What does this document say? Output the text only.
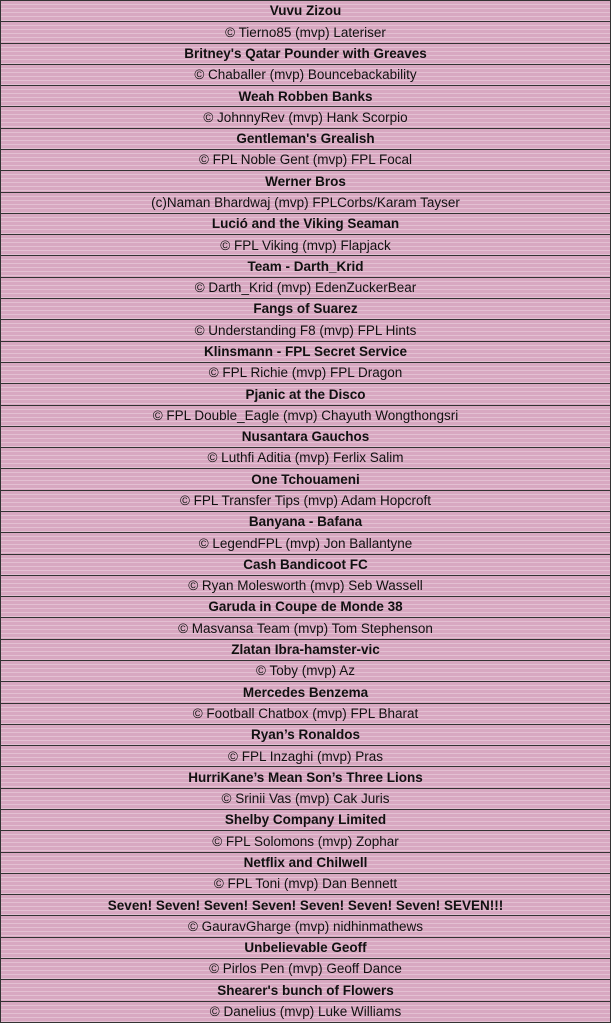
Vuvu Zizou
© Tierno85 (mvp) Lateriser
Britney's Qatar Pounder with Greaves
© Chaballer (mvp) Bouncebackability
Weah Robben Banks
© JohnnyRev (mvp) Hank Scorpio
Gentleman's Grealish
© FPL Noble Gent (mvp) FPL Focal
Werner Bros
(c)Naman Bhardwaj (mvp) FPLCorbs/Karam Tayser
Lució and the Viking Seaman
© FPL Viking (mvp) Flapjack
Team - Darth_Krid
© Darth_Krid (mvp) EdenZuckerBear
Fangs of Suarez
© Understanding F8 (mvp) FPL Hints
Klinsmann - FPL Secret Service
© FPL Richie (mvp) FPL Dragon
Pjanic at the Disco
© FPL Double_Eagle (mvp) Chayuth Wongthongsri
Nusantara Gauchos
© Luthfi Aditia (mvp) Ferlix Salim
One Tchouameni
© FPL Transfer Tips (mvp) Adam Hopcroft
Banyana - Bafana
© LegendFPL (mvp) Jon Ballantyne
Cash Bandicoot FC
© Ryan Molesworth (mvp) Seb Wassell
Garuda in Coupe de Monde 38
© Masvansa Team (mvp) Tom Stephenson
Zlatan Ibra-hamster-vic
© Toby (mvp) Az
Mercedes Benzema
© Football Chatbox (mvp) FPL Bharat
Ryan’s Ronaldos
© FPL Inzaghi (mvp) Pras
HurriKane’s Mean Son’s Three Lions
© Srinii Vas (mvp) Cak Juris
Shelby Company Limited
© FPL Solomons (mvp) Zophar
Netflix and Chilwell
© FPL Toni (mvp) Dan Bennett
Seven! Seven! Seven! Seven! Seven! Seven! Seven! SEVEN!!!
© GauravGharge (mvp) nidhinmathews
Unbelievable Geoff
© Pirlos Pen (mvp) Geoff Dance
Shearer's bunch of Flowers
© Danelius (mvp) Luke Williams
